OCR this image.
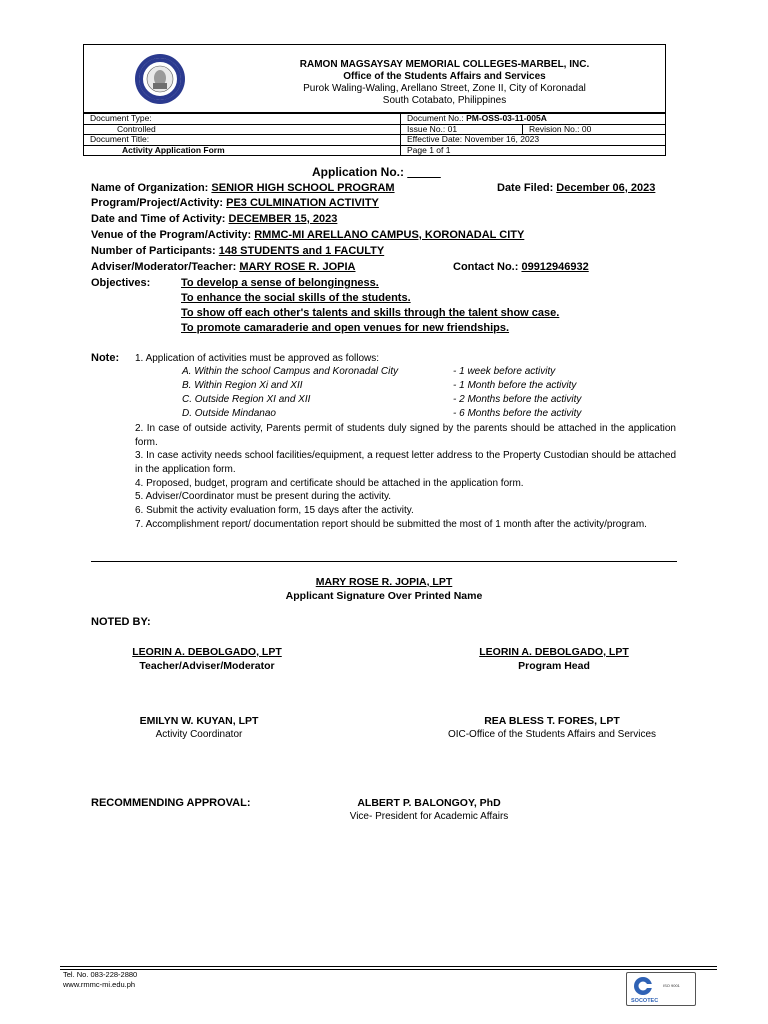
RAMON MAGSAYSAY MEMORIAL COLLEGES-MARBEL, INC.
Office of the Students Affairs and Services
Purok Waling-Waling, Arellano Street, Zone II, City of Koronadal
South Cotabato, Philippines
Document Type:	Document No.: PM-OSS-03-11-005A	
Controlled	Issue No.: 01	Revision No.: 00
Document Title:	Effective Date: November 16, 2023	
Activity Application Form	Page 1 of 1	
Application No.: _____
Name of Organization: SENIOR HIGH SCHOOL PROGRAM	Date Filed: December 06, 2023
Program/Project/Activity: PE3 CULMINATION ACTIVITY
Date and Time of Activity: DECEMBER 15, 2023
Venue of the Program/Activity: RMMC-MI ARELLANO CAMPUS, KORONADAL CITY
Number of Participants: 148 STUDENTS and 1 FACULTY
Adviser/Moderator/Teacher: MARY ROSE R. JOPIA	Contact No.: 09912946932
Objectives:	To develop a sense of belongingness.
To enhance the social skills of the students.
To show off each other's talents and skills through the talent show case.
To promote camaraderie and open venues for new friendships.
Note: 1. Application of activities must be approved as follows:
A. Within the school Campus and Koronadal City	- 1 week before activity
B. Within Region Xi and XII	- 1 Month before the activity
C. Outside Region XI and XII	- 2 Months before the activity
D. Outside Mindanao	- 6 Months before the activity
2. In case of outside activity, Parents permit of students duly signed by the parents should be attached in the application form.
3. In case activity needs school facilities/equipment, a request letter address to the Property Custodian should be attached in the application form.
4. Proposed, budget, program and certificate should be attached in the application form.
5. Adviser/Coordinator must be present during the activity.
6. Submit the activity evaluation form, 15 days after the activity.
7. Accomplishment report/ documentation report should be submitted the most of 1 month after the activity/program.
MARY ROSE R. JOPIA, LPT
Applicant Signature Over Printed Name
NOTED BY:
LEORIN A. DEBOLGADO, LPT
Teacher/Adviser/Moderator
LEORIN A. DEBOLGADO, LPT
Program Head
EMILYN W. KUYAN, LPT
Activity Coordinator
REA BLESS T. FORES, LPT
OIC-Office of the Students Affairs and Services
RECOMMENDING APPROVAL:	ALBERT P. BALONGOY, PhD
Vice- President for Academic Affairs
Tel. No. 083-228-2880
www.rmmc-mi.edu.ph
SOCOTEC
ISO 9001
